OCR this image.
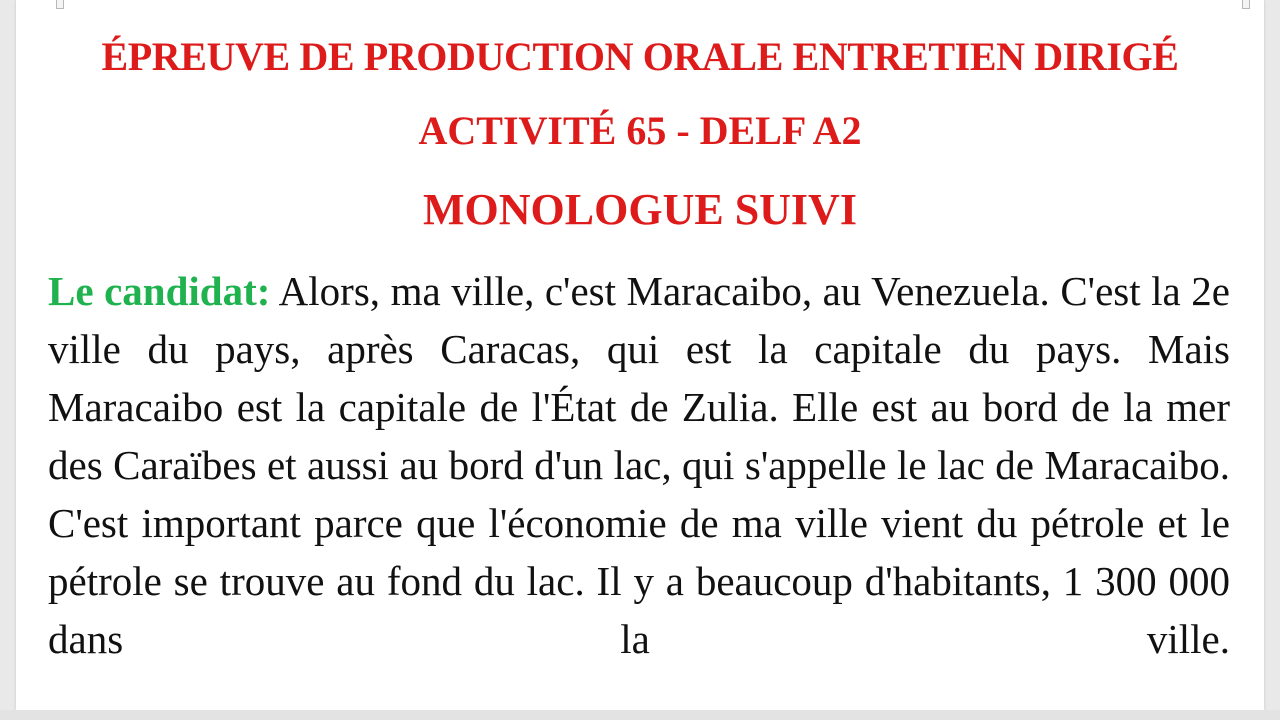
ÉPREUVE DE PRODUCTION ORALE ENTRETIEN DIRIGÉ
ACTIVITÉ 65 - DELF A2
MONOLOGUE SUIVI
Le candidat: Alors, ma ville, c'est Maracaibo, au Venezuela. C'est la 2e ville du pays, après Caracas, qui est la capitale du pays. Mais Maracaibo est la capitale de l'État de Zulia. Elle est au bord de la mer des Caraïbes et aussi au bord d'un lac, qui s'appelle le lac de Maracaibo. C'est important parce que l'économie de ma ville vient du pétrole et le pétrole se trouve au fond du lac. Il y a beaucoup d'habitants, 1 300 000 dans la ville.
